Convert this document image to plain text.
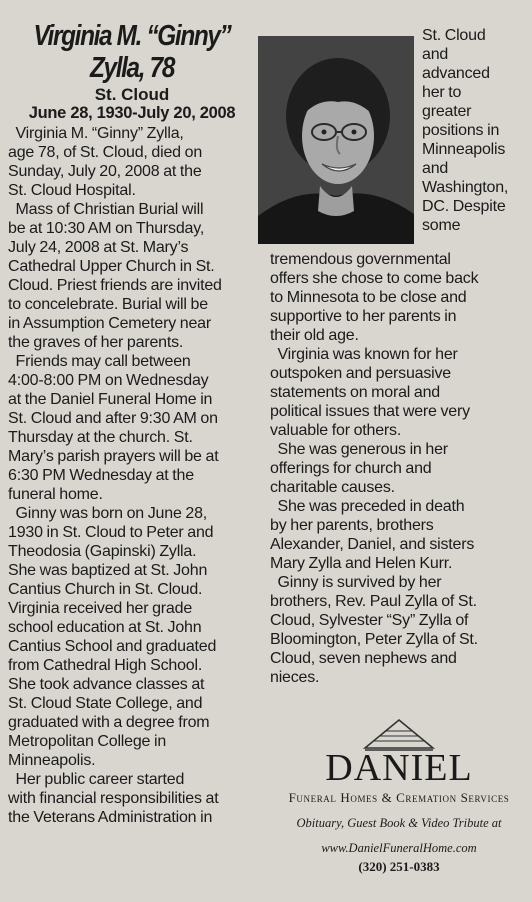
Virginia M. “Ginny”
Zylla, 78
St. Cloud
June 28, 1930-July 20, 2008
Virginia M. “Ginny” Zylla,
age 78, of St. Cloud, died on
Sunday, July 20, 2008 at the
St. Cloud Hospital.
Mass of Christian Burial will
be at 10:30 AM on Thursday,
July 24, 2008 at St. Mary’s
Cathedral Upper Church in St.
Cloud. Priest friends are invited
to concelebrate. Burial will be
in Assumption Cemetery near
the graves of her parents.
Friends may call between
4:00-8:00 PM on Wednesday
at the Daniel Funeral Home in
St. Cloud and after 9:30 AM on
Thursday at the church. St.
Mary’s parish prayers will be at
6:30 PM Wednesday at the
funeral home.
Ginny was born on June 28,
1930 in St. Cloud to Peter and
Theodosia (Gapinski) Zylla.
She was baptized at St. John
Cantius Church in St. Cloud.
Virginia received her grade
school education at St. John
Cantius School and graduated
from Cathedral High School.
She took advance classes at
St. Cloud State College, and
graduated with a degree from
Metropolitan College in
Minneapolis.
Her public career started
with financial responsibilities at
the Veterans Administration in
St. Cloud
and
advanced
her to
greater
positions in
Minneapolis
and
Washington,
DC. Despite
some
tremendous governmental
offers she chose to come back
to Minnesota to be close and
supportive to her parents in
their old age.
Virginia was known for her
outspoken and persuasive
statements on moral and
political issues that were very
valuable for others.
She was generous in her
offerings for church and
charitable causes.
She was preceded in death
by her parents, brothers
Alexander, Daniel, and sisters
Mary Zylla and Helen Kurr.
Ginny is survived by her
brothers, Rev. Paul Zylla of St.
Cloud, Sylvester “Sy” Zylla of
Bloomington, Peter Zylla of St.
Cloud, seven nephews and
nieces.
DANIEL
Funeral Homes & Cremation Services
Obituary, Guest Book & Video Tribute at
www.DanielFuneralHome.com
(320) 251-0383
